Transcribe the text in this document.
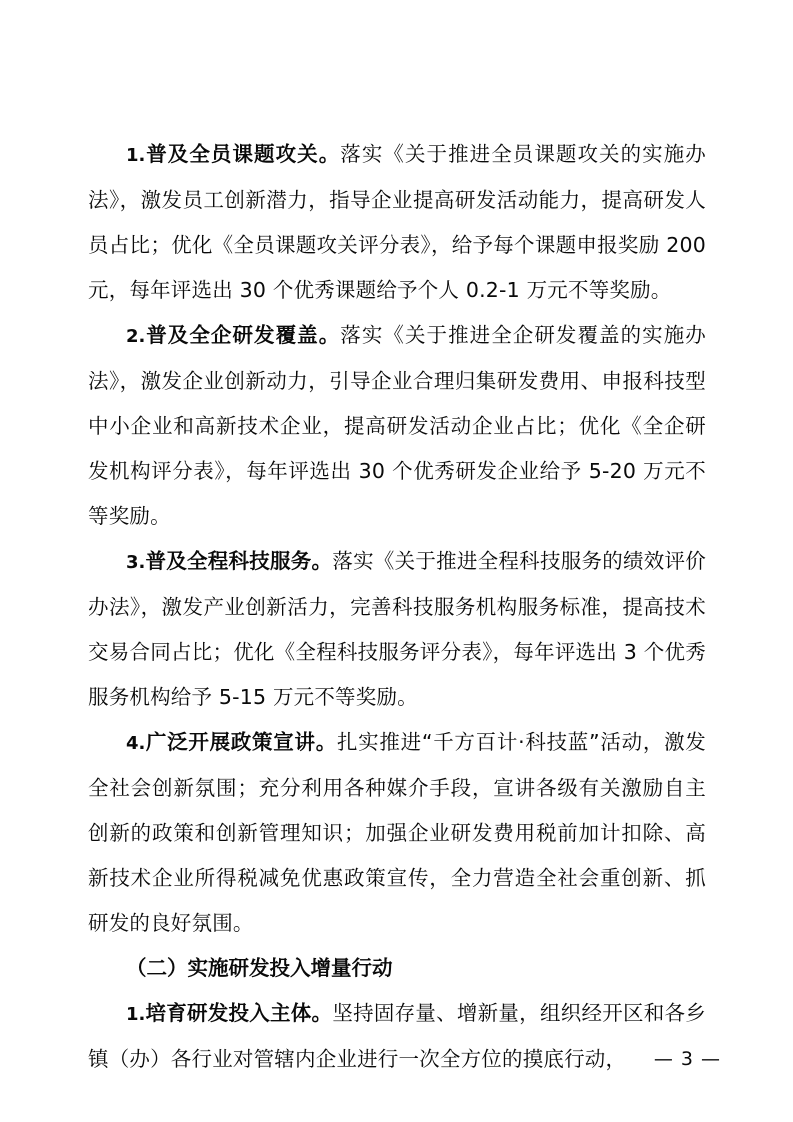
1.普及全员课题攻关。落实《关于推进全员课题攻关的实施办法》，激发员工创新潜力，指导企业提高研发活动能力，提高研发人员占比；优化《全员课题攻关评分表》，给予每个课题申报奖励 200 元，每年评选出 30 个优秀课题给予个人 0.2-1 万元不等奖励。

2.普及全企研发覆盖。落实《关于推进全企研发覆盖的实施办法》，激发企业创新动力，引导企业合理归集研发费用、申报科技型中小企业和高新技术企业，提高研发活动企业占比；优化《全企研发机构评分表》，每年评选出 30 个优秀研发企业给予 5-20 万元不等奖励。

3.普及全程科技服务。落实《关于推进全程科技服务的绩效评价办法》，激发产业创新活力，完善科技服务机构服务标准，提高技术交易合同占比；优化《全程科技服务评分表》，每年评选出 3 个优秀服务机构给予 5-15 万元不等奖励。

4.广泛开展政策宣讲。扎实推进“千方百计·科技蓝”活动，激发全社会创新氛围；充分利用各种媒介手段，宣讲各级有关激励自主创新的政策和创新管理知识；加强企业研发费用税前加计扣除、高新技术企业所得税减免优惠政策宣传，全力营造全社会重创新、抓研发的良好氛围。

（二）实施研发投入增量行动

1.培育研发投入主体。坚持固存量、增新量，组织经开区和各乡镇（办）各行业对管辖内企业进行一次全方位的摸底行动，	— 3 —
